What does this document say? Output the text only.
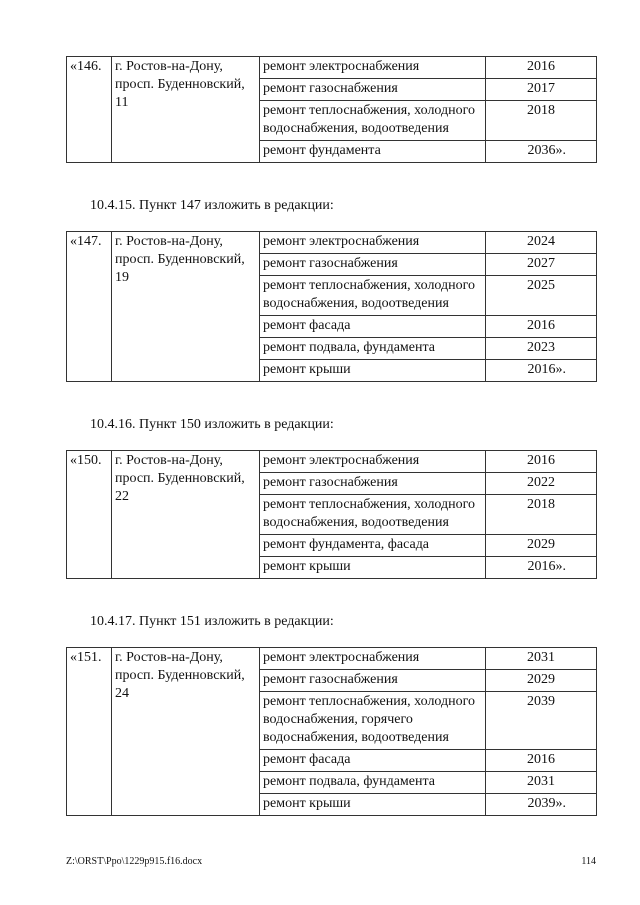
«146.	г. Ростов-на-Дону, просп. Буденновский, 11	ремонт электроснабжения	2016
		ремонт газоснабжения	2017
		ремонт теплоснабжения, холодного водоснабжения, водоотведения	2018
		ремонт фундамента	2036».
10.4.15. Пункт 147 изложить в редакции:
«147.	г. Ростов-на-Дону, просп. Буденновский, 19	ремонт электроснабжения	2024
		ремонт газоснабжения	2027
		ремонт теплоснабжения, холодного водоснабжения, водоотведения	2025
		ремонт фасада	2016
		ремонт подвала, фундамента	2023
		ремонт крыши	2016».
10.4.16. Пункт 150 изложить в редакции:
«150.	г. Ростов-на-Дону, просп. Буденновский, 22	ремонт электроснабжения	2016
		ремонт газоснабжения	2022
		ремонт теплоснабжения, холодного водоснабжения, водоотведения	2018
		ремонт фундамента, фасада	2029
		ремонт крыши	2016».
10.4.17. Пункт 151 изложить в редакции:
«151.	г. Ростов-на-Дону, просп. Буденновский, 24	ремонт электроснабжения	2031
		ремонт газоснабжения	2029
		ремонт теплоснабжения, холодного водоснабжения, горячего водоснабжения, водоотведения	2039
		ремонт фасада	2016
		ремонт подвала, фундамента	2031
		ремонт крыши	2039».
Z:\ORST\Ppo\1229p915.f16.docx	114
